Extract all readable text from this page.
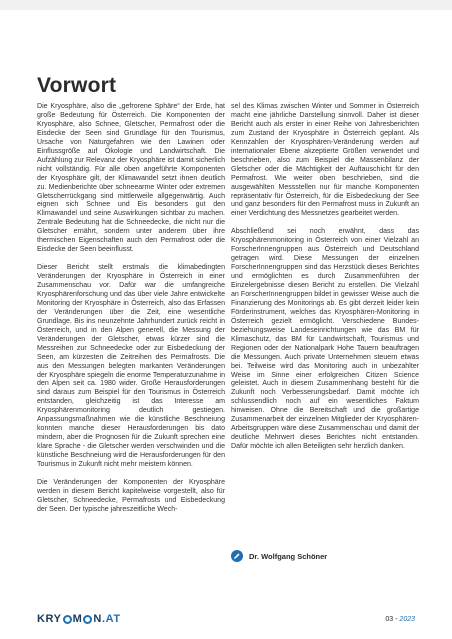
Vorwort

Die Kryosphäre, also die „gefrorene Sphäre“ der Erde, hat große Bedeutung für Österreich. Die Komponenten der Kryosphäre, also Schnee, Gletscher, Permafrost oder die Eisdecke der Seen sind Grundlage für den Tourismus, Ursache von Naturgefahren wie den Lawinen oder Einflussgröße auf Ökologie und Landwirtschaft. Die Aufzählung zur Relevanz der Kryosphäre ist damit sicherlich nicht vollständig. Für alle oben angeführte Komponenten der Kryosphäre gilt, der Klimawandel setzt ihnen deutlich zu. Medienberichte über schneearme Winter oder extremen Gletscherrückgang sind mittlerweile allgegenwärtig. Auch eignen sich Schnee und Eis besonders gut den Klimawandel und seine Auswirkungen sichtbar zu machen. Zentrale Bedeutung hat die Schneedecke, die nicht nur die Gletscher ernährt, sondern unter anderem über ihre thermischen Eigenschaften auch den Permafrost oder die Eisdecke der Seen beeinflusst.

Dieser Bericht stellt erstmals die klimabedingten Veränderungen der Kryosphäre in Österreich in einer Zusammenschau vor. Dafür war die umfangreiche Kryosphärenforschung und das über viele Jahre entwickelte Monitoring der Kryosphäre in Österreich, also das Erfassen der Veränderungen über die Zeit, eine wesentliche Grundlage. Bis ins neunzehnte Jahrhundert zurück reicht in Österreich, und in den Alpen generell, die Messung der Veränderungen der Gletscher, etwas kürzer sind die Messreihen zur Schneedecke oder zur Eisbedeckung der Seen, am kürzesten die Zeitreihen des Permafrosts. Die aus den Messungen belegten markanten Veränderungen der Kryosphäre spiegeln die enorme Temperaturzunahme in den Alpen seit ca. 1980 wider. Große Herausforderungen sind daraus zum Beispiel für den Tourismus in Österreich entstanden, gleichzeitig ist das Interesse am Kryosphärenmonitoring deutlich gestiegen. Anpassungsmaßnahmen wie die künstliche Beschneiung konnten manche dieser Herausforderungen bis dato mindern, aber die Prognosen für die Zukunft sprechen eine klare Sprache - die Gletscher werden verschwinden und die künstliche Beschneiung wird die Herausforderungen für den Tourismus in Zukunft nicht mehr meistern können.

Die Veränderungen der Komponenten der Kryosphäre werden in diesem Bericht kapitelweise vorgestellt, also für Gletscher, Schneedecke, Permafrosts und Eisbedeckung der Seen. Der typische jahreszeitliche Wech-

sel des Klimas zwischen Winter und Sommer in Österreich macht eine jährliche Darstellung sinnvoll. Daher ist dieser Bericht auch als erster in einer Reihe von Jahresberichten zum Zustand der Kryosphäre in Österreich geplant. Als Kennzahlen der Kryosphären-Veränderung werden auf internationaler Ebene akzeptierte Größen verwendet und beschrieben, also zum Beispiel die Massenbilanz der Gletscher oder die Mächtigkeit der Auftauschicht für den Permafrost. Wie weiter oben beschrieben, sind die ausgewählten Messstellen nur für manche Komponenten repräsentativ für Österreich, für die Eisbedeckung der See und ganz besonders für den Permafrost muss in Zukunft an einer Verdichtung des Messnetzes gearbeitet werden.

Abschließend sei noch erwähnt, dass das Kryosphärenmonitoring in Österreich von einer Vielzahl an ForscherInnengruppen aus Österreich und Deutschland getragen wird. Diese Messungen der einzelnen ForscherInnengruppen sind das Herzstück dieses Berichtes und ermöglichten es durch Zusammenführen der Einzelergebnisse diesen Bericht zu erstellen. Die Vielzahl an ForscherInnengruppen bildet in gewisser Weise auch die Finanzierung des Monitorings ab. Es gibt derzeit leider kein Förderinstrument, welches das Kryosphären-Monitoring in Österreich gezielt ermöglicht. Verschiedene Bundes- beziehungsweise Landeseinrichtungen wie das BM für Klimaschutz, das BM für Landwirtschaft, Tourismus und Regionen oder der Nationalpark Hohe Tauern beauftragen die Messungen. Auch private Unternehmen steuern etwas bei. Teilweise wird das Monitoring auch in unbezahlter Weise im Sinne einer erfolgreichen Citizen Science geleistet. Auch in diesem Zusammenhang besteht für die Zukunft noch Verbesserungsbedarf. Damit möchte ich schlussendlich noch auf ein wesentliches Faktum hinweisen. Ohne die Bereitschaft und die großartige Zusammenarbeit der einzelnen Mitglieder der Kryosphären-Arbeitsgruppen wäre diese Zusammenschau und damit der deutliche Mehrwert dieses Berichtes nicht entstanden. Dafür möchte ich allen Beteiligten sehr herzlich danken.

Dr. Wolfgang Schöner
KRY M N .AT	03 - 2023
